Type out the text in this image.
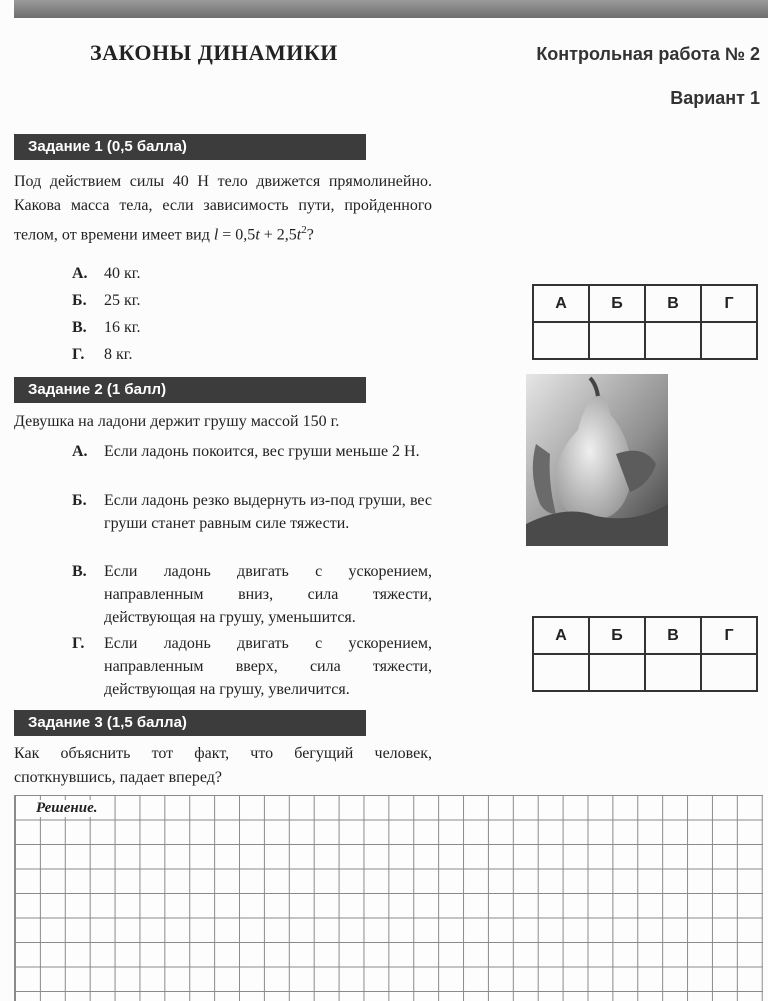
ЗАКОНЫ ДИНАМИКИ	Контрольная работа № 2
Вариант 1
Задание 1 (0,5 балла)
Под действием силы 40 Н тело движется прямолинейно. Какова масса тела, если зависимость пути, пройденного телом, от времени имеет вид $l = 0,5t + 2,5t^2$?
А.	40 кг.
Б.	25 кг.
В.	16 кг.
Г.	8 кг.
А	Б	В	Г

Задание 2 (1 балл)
Девушка на ладони держит грушу массой 150 г.
А.	Если ладонь покоится, вес груши меньше 2 Н.
Б.	Если ладонь резко выдернуть из-под груши, вес груши станет равным силе тяжести.
В.	Если ладонь двигать с ускорением, направленным вниз, сила тяжести, действующая на грушу, уменьшится.
Г.	Если ладонь двигать с ускорением, направленным вверх, сила тяжести, действующая на грушу, увеличится.
А	Б	В	Г

Задание 3 (1,5 балла)
Как объяснить тот факт, что бегущий человек, споткнувшись, падает вперед?
Решение.
